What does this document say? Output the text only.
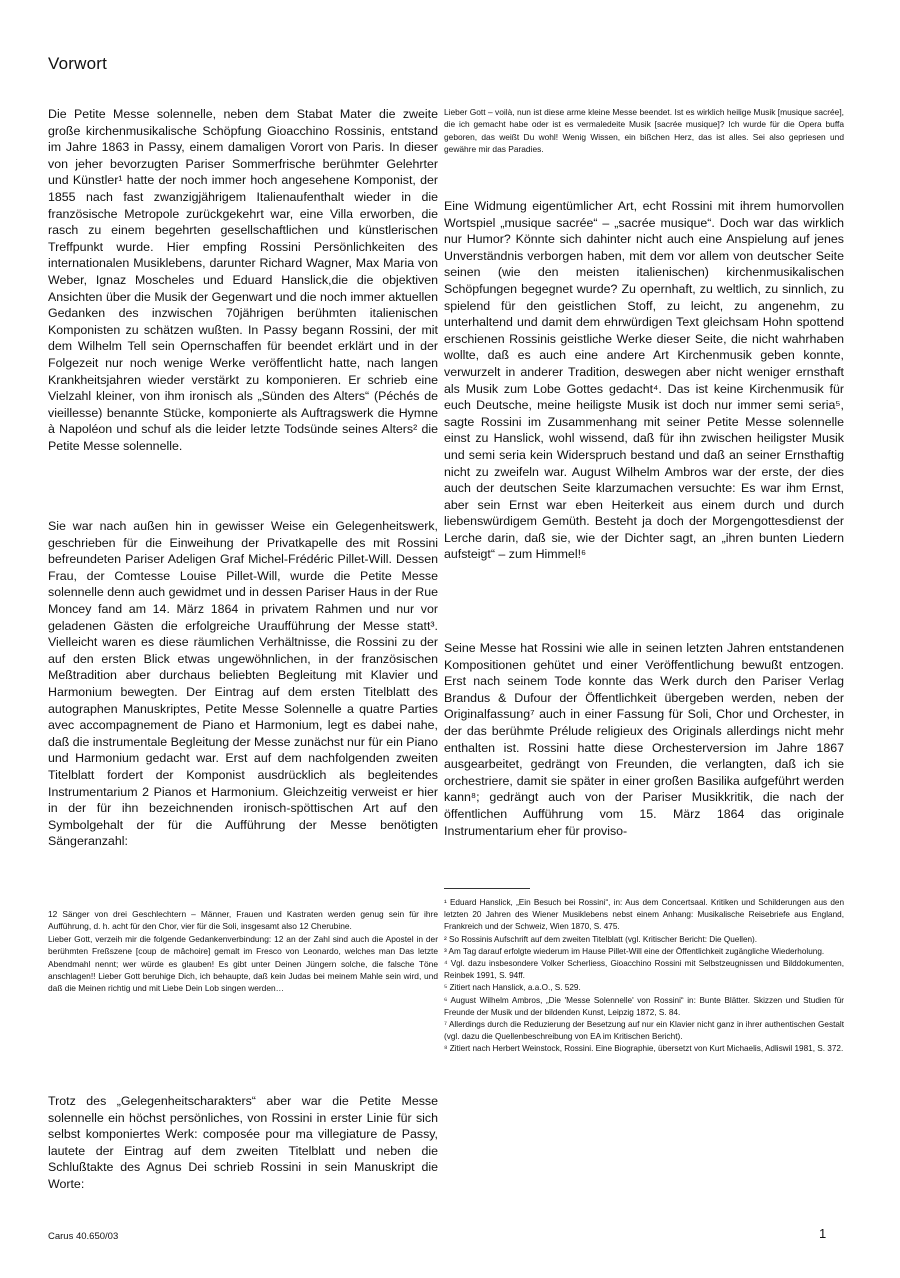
Vorwort

Die Petite Messe solennelle, neben dem Stabat Mater die zweite große kirchenmusikalische Schöpfung Gioacchino Rossinis, entstand im Jahre 1863 in Passy, einem damaligen Vorort von Paris. In dieser von jeher bevorzugten Pariser Sommerfrische berühmter Gelehrter und Künstler¹ hatte der noch immer hoch angesehene Komponist, der 1855 nach fast zwanzigjährigem Italienaufenthalt wieder in die französische Metropole zurückgekehrt war, eine Villa erworben, die rasch zu einem begehrten gesellschaftlichen und künstlerischen Treffpunkt wurde. Hier empfing Rossini Persönlichkeiten des internationalen Musiklebens, darunter Richard Wagner, Max Maria von Weber, Ignaz Moscheles und Eduard Hanslick,die die objektiven Ansichten über die Musik der Gegenwart und die noch immer aktuellen Gedanken des inzwischen 70jährigen berühmten italienischen Komponisten zu schätzen wußten. In Passy begann Rossini, der mit dem Wilhelm Tell sein Opernschaffen für beendet erklärt und in der Folgezeit nur noch wenige Werke veröffentlicht hatte, nach langen Krankheitsjahren wieder verstärkt zu komponieren. Er schrieb eine Vielzahl kleiner, von ihm ironisch als „Sünden des Alters“ (Péchés de vieillesse) benannte Stücke, komponierte als Auftragswerk die Hymne à Napoléon und schuf als die leider letzte Todsünde seines Alters² die Petite Messe solennelle.

Sie war nach außen hin in gewisser Weise ein Gelegenheitswerk, geschrieben für die Einweihung der Privatkapelle des mit Rossini befreundeten Pariser Adeligen Graf Michel-Frédéric Pillet-Will. Dessen Frau, der Comtesse Louise Pillet-Will, wurde die Petite Messe solennelle denn auch gewidmet und in dessen Pariser Haus in der Rue Moncey fand am 14. März 1864 in privatem Rahmen und nur vor geladenen Gästen die erfolgreiche Uraufführung der Messe statt³. Vielleicht waren es diese räumlichen Verhältnisse, die Rossini zu der auf den ersten Blick etwas ungewöhnlichen, in der französischen Meßtradition aber durchaus beliebten Begleitung mit Klavier und Harmonium bewegten. Der Eintrag auf dem ersten Titelblatt des autographen Manuskriptes, Petite Messe Solennelle a quatre Parties avec accompagnement de Piano et Harmonium, legt es dabei nahe, daß die instrumentale Begleitung der Messe zunächst nur für ein Piano und Harmonium gedacht war. Erst auf dem nachfolgenden zweiten Titelblatt fordert der Komponist ausdrücklich als begleitendes Instrumentarium 2 Pianos et Harmonium. Gleichzeitig verweist er hier in der für ihn bezeichnenden ironisch-spöttischen Art auf den Symbolgehalt der für die Aufführung der Messe benötigten Sängeranzahl:

12 Sänger von drei Geschlechtern – Männer, Frauen und Kastraten werden genug sein für ihre Aufführung, d. h. acht für den Chor, vier für die Soli, insgesamt also 12 Cherubine.

Lieber Gott, verzeih mir die folgende Gedankenverbindung: 12 an der Zahl sind auch die Apostel in der berühmten Freßszene [coup de mâchoire] gemalt im Fresco von Leonardo, welches man Das letzte Abendmahl nennt; wer würde es glauben! Es gibt unter Deinen Jüngern solche, die falsche Töne anschlagen!! Lieber Gott beruhige Dich, ich behaupte, daß kein Judas bei meinem Mahle sein wird, und daß die Meinen richtig und mit Liebe Dein Lob singen werden…

Trotz des „Gelegenheitscharakters“ aber war die Petite Messe solennelle ein höchst persönliches, von Rossini in erster Linie für sich selbst komponiertes Werk: composée pour ma villegiature de Passy, lautete der Eintrag auf dem zweiten Titelblatt und neben die Schlußtakte des Agnus Dei schrieb Rossini in sein Manuskript die Worte:

Lieber Gott – voilà, nun ist diese arme kleine Messe beendet. Ist es wirklich heilige Musik [musique sacrée], die ich gemacht habe oder ist es vermaledeite Musik [sacrée musique]? Ich wurde für die Opera buffa geboren, das weißt Du wohl! Wenig Wissen, ein bißchen Herz, das ist alles. Sei also gepriesen und gewähre mir das Paradies.

Eine Widmung eigentümlicher Art, echt Rossini mit ihrem humorvollen Wortspiel „musique sacrée“ – „sacrée musique“. Doch war das wirklich nur Humor? Könnte sich dahinter nicht auch eine Anspielung auf jenes Unverständnis verborgen haben, mit dem vor allem von deutscher Seite seinen (wie den meisten italienischen) kirchenmusikalischen Schöpfungen begegnet wurde? Zu opernhaft, zu weltlich, zu sinnlich, zu spielend für den geistlichen Stoff, zu leicht, zu angenehm, zu unterhaltend und damit dem ehrwürdigen Text gleichsam Hohn spottend erschienen Rossinis geistliche Werke dieser Seite, die nicht wahrhaben wollte, daß es auch eine andere Art Kirchenmusik geben konnte, verwurzelt in anderer Tradition, deswegen aber nicht weniger ernsthaft als Musik zum Lobe Gottes gedacht⁴. Das ist keine Kirchenmusik für euch Deutsche, meine heiligste Musik ist doch nur immer semi seria⁵, sagte Rossini im Zusammenhang mit seiner Petite Messe solennelle einst zu Hanslick, wohl wissend, daß für ihn zwischen heiligster Musik und semi seria kein Widerspruch bestand und daß an seiner Ernsthaftig nicht zu zweifeln war. August Wilhelm Ambros war der erste, der dies auch der deutschen Seite klarzumachen versuchte: Es war ihm Ernst, aber sein Ernst war eben Heiterkeit aus einem durch und durch liebenswürdigem Gemüth. Besteht ja doch der Morgengottesdienst der Lerche darin, daß sie, wie der Dichter sagt, an „ihren bunten Liedern aufsteigt“ – zum Himmel!⁶

Seine Messe hat Rossini wie alle in seinen letzten Jahren entstandenen Kompositionen gehütet und einer Veröffentlichung bewußt entzogen. Erst nach seinem Tode konnte das Werk durch den Pariser Verlag Brandus & Dufour der Öffentlichkeit übergeben werden, neben der Originalfassung⁷ auch in einer Fassung für Soli, Chor und Orchester, in der das berühmte Prélude religieux des Originals allerdings nicht mehr enthalten ist. Rossini hatte diese Orchesterversion im Jahre 1867 ausgearbeitet, gedrängt von Freunden, die verlangten, daß ich sie orchestriere, damit sie später in einer großen Basilika aufgeführt werden kann⁸; gedrängt auch von der Pariser Musikkritik, die nach der öffentlichen Aufführung vom 15. März 1864 das originale Instrumentarium eher für proviso-

¹ Eduard Hanslick, „Ein Besuch bei Rossini“, in: Aus dem Concertsaal. Kritiken und Schilderungen aus den letzten 20 Jahren des Wiener Musiklebens nebst einem Anhang: Musikalische Reisebriefe aus England, Frankreich und der Schweiz, Wien 1870, S. 475.

² So Rossinis Aufschrift auf dem zweiten Titelblatt (vgl. Kritischer Bericht: Die Quellen).

³ Am Tag darauf erfolgte wiederum im Hause Pillet-Will eine der Öffentlichkeit zugängliche Wiederholung.

⁴ Vgl. dazu insbesondere Volker Scherliess, Gioacchino Rossini mit Selbstzeugnissen und Bilddokumenten, Reinbek 1991, S. 94ff.

⁵ Zitiert nach Hanslick, a.a.O., S. 529.

⁶ August Wilhelm Ambros, „Die 'Messe Solennelle' von Rossini“ in: Bunte Blätter. Skizzen und Studien für Freunde der Musik und der bildenden Kunst, Leipzig 1872, S. 84.

⁷ Allerdings durch die Reduzierung der Besetzung auf nur ein Klavier nicht ganz in ihrer authentischen Gestalt (vgl. dazu die Quellenbeschreibung von EA im Kritischen Bericht).

⁸ Zitiert nach Herbert Weinstock, Rossini. Eine Biographie, übersetzt von Kurt Michaelis, Adliswil 1981, S. 372.

Carus 40.650/03	1
